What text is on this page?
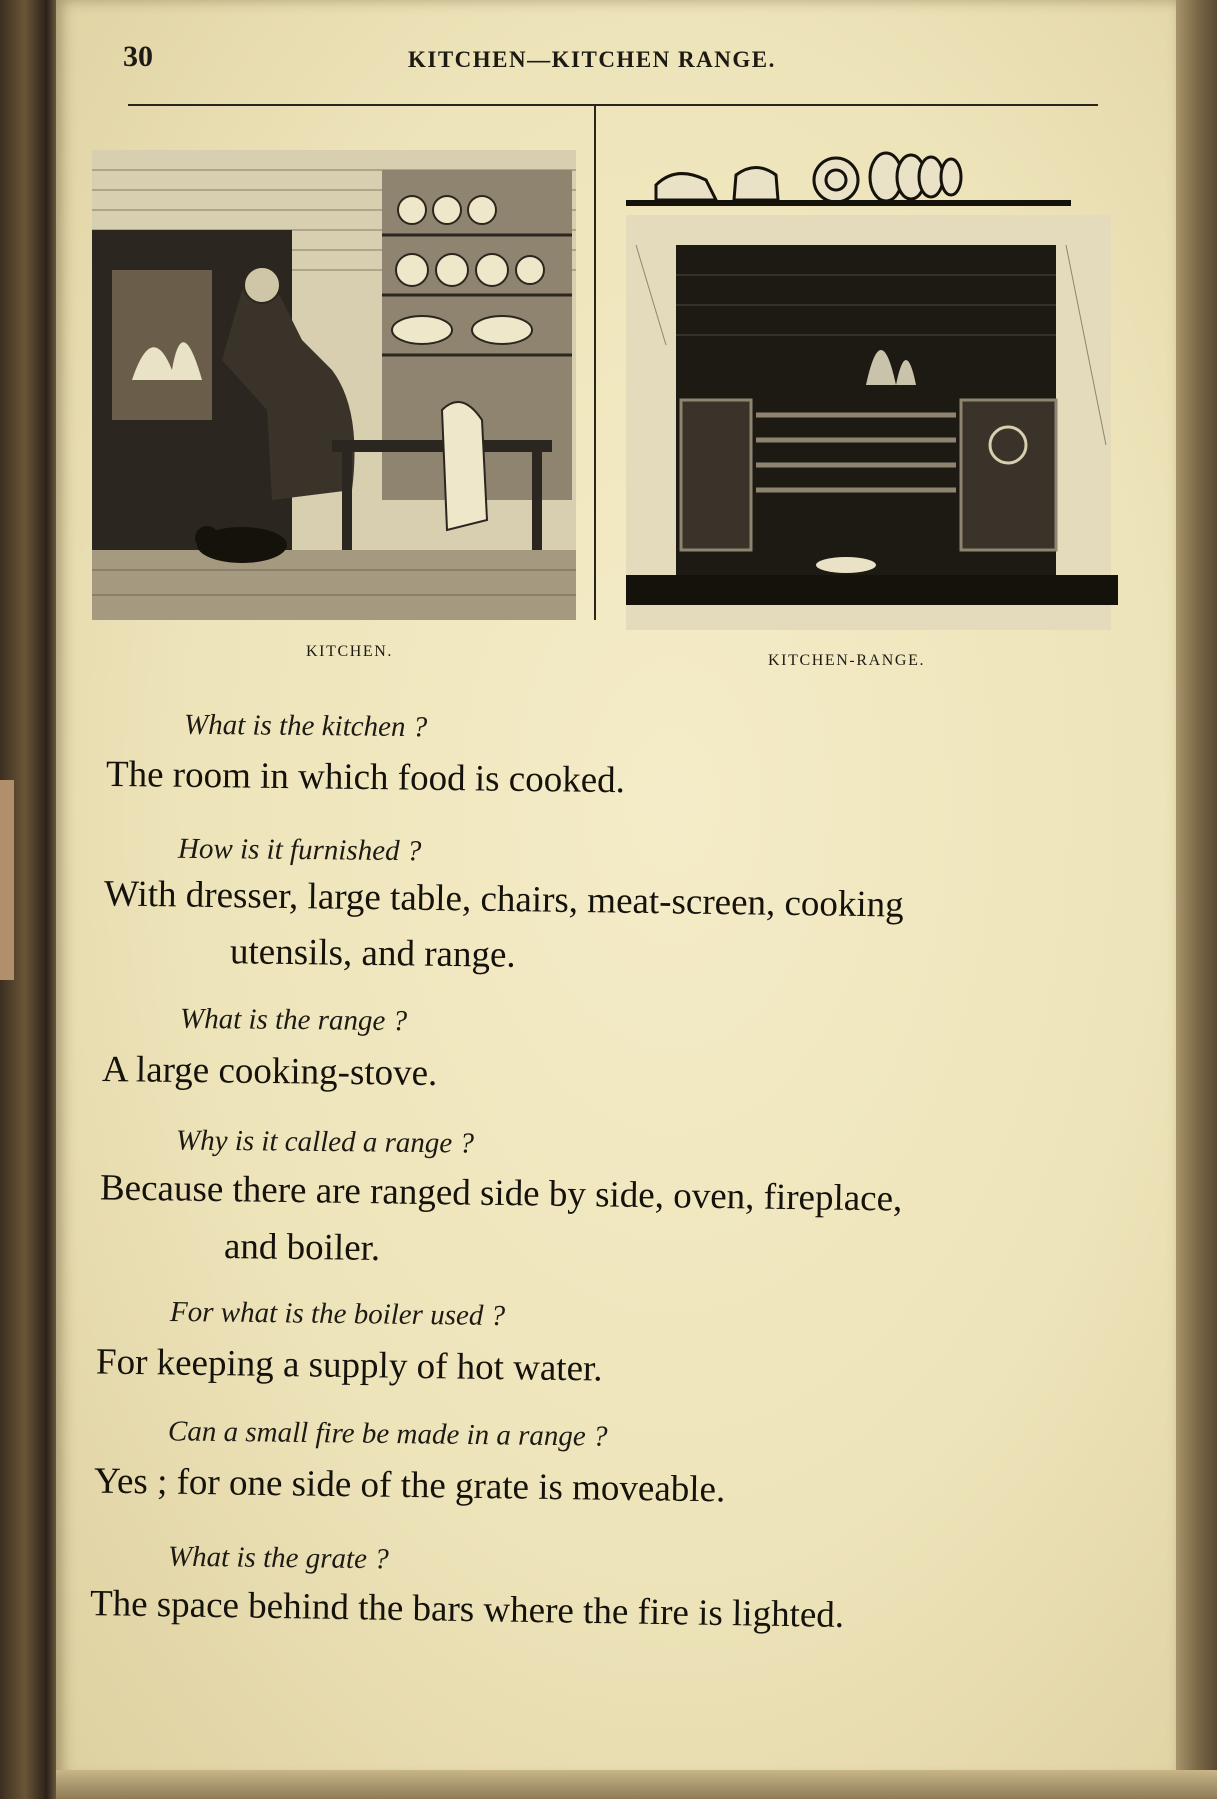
30	KITCHEN—KITCHEN RANGE.
KITCHEN.
KITCHEN-RANGE.
What is the kitchen ?
The room in which food is cooked.
How is it furnished ?
With dresser, large table, chairs, meat-screen, cooking
utensils, and range.
What is the range ?
A large cooking-stove.
Why is it called a range ?
Because there are ranged side by side, oven, fireplace,
and boiler.
For what is the boiler used ?
For keeping a supply of hot water.
Can a small fire be made in a range ?
Yes ; for one side of the grate is moveable.
What is the grate ?
The space behind the bars where the fire is lighted.
